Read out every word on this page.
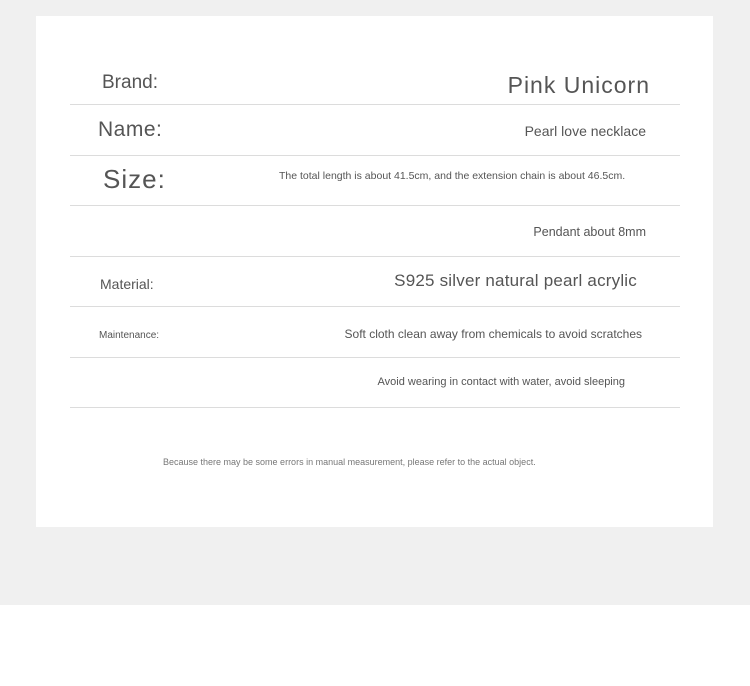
Brand:	Pink Unicorn
Name:	Pearl love necklace
Size:	The total length is about 41.5cm, and the extension chain is about 46.5cm.
Pendant about 8mm
Material:	S925 silver natural pearl acrylic
Maintenance:	Soft cloth clean away from chemicals to avoid scratches
Avoid wearing in contact with water, avoid sleeping
Because there may be some errors in manual measurement, please refer to the actual object.
